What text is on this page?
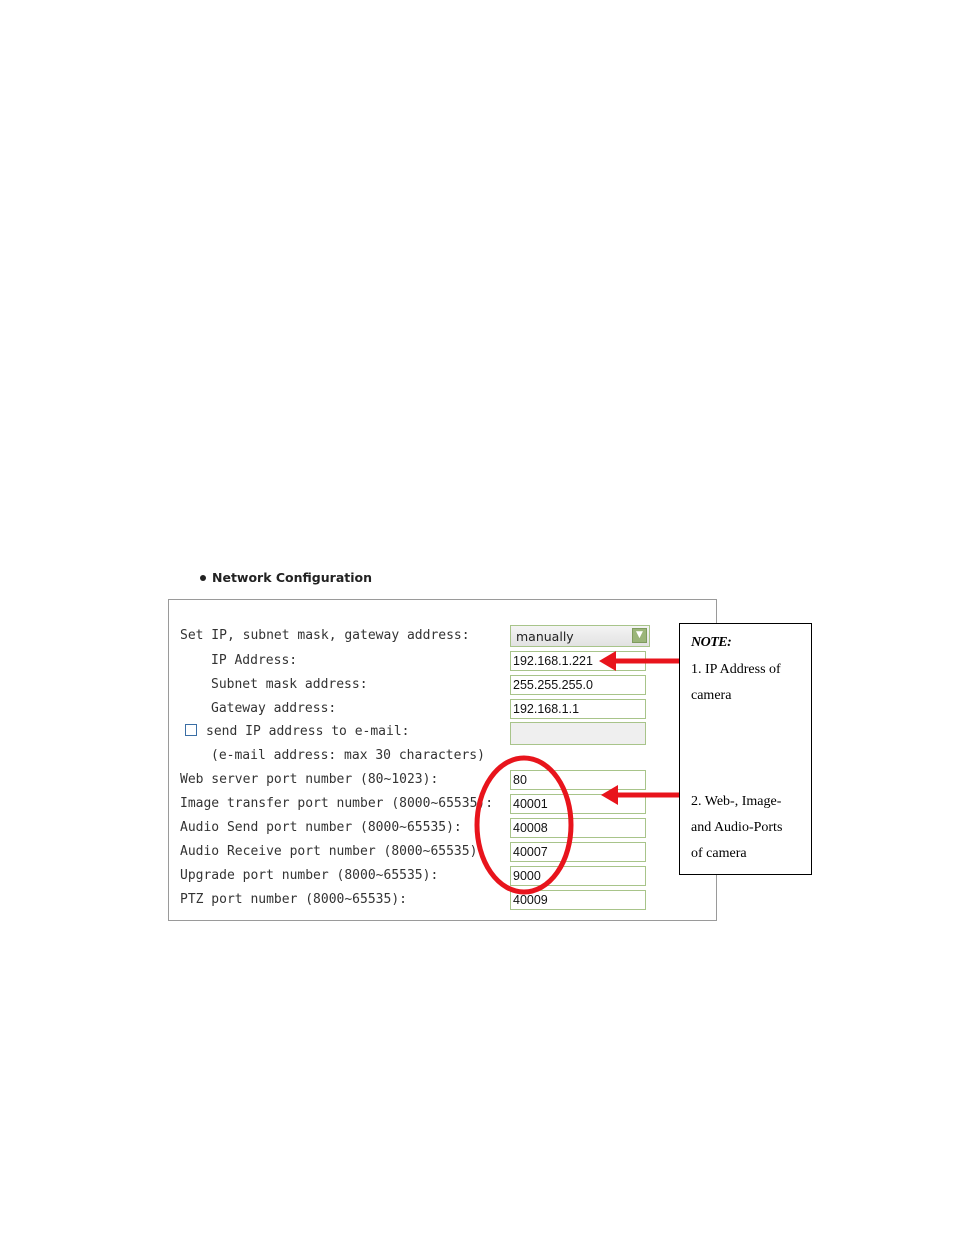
Network Configuration
Set IP, subnet mask, gateway address:	manually	▼
IP Address:	192.168.1.221
Subnet mask address:	255.255.255.0
Gateway address:	192.168.1.1
send IP address to e-mail:
(e-mail address: max 30 characters)
Web server port number (80~1023):	80
Image transfer port number (8000~65535): 40001
Audio Send port number (8000~65535):	40008
Audio Receive port number (8000~65535): 40007
Upgrade port number (8000~65535):	9000
PTZ port number (8000~65535):	40009
NOTE:
1. IP Address of
camera
2. Web-, Image-
and Audio-Ports
of camera
